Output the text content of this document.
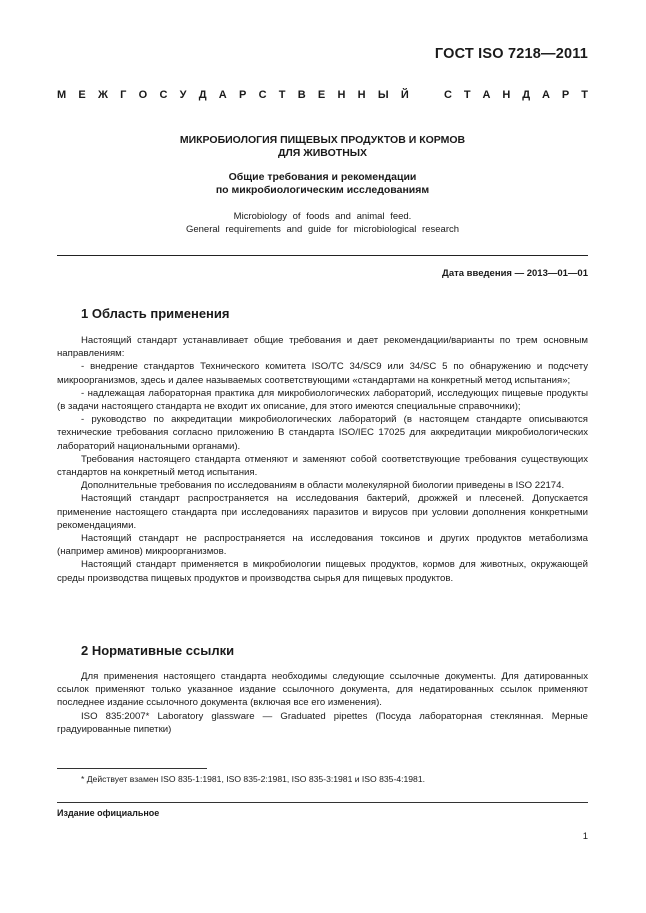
ГОСТ ISO 7218—2011
М Е Ж Г О С У Д А Р С Т В Е Н Н Ы Й	С Т А Н Д А Р Т
МИКРОБИОЛОГИЯ ПИЩЕВЫХ ПРОДУКТОВ И КОРМОВ
ДЛЯ ЖИВОТНЫХ
Общие требования и рекомендации
по микробиологическим исследованиям
Microbiology of foods and animal feed.
General requirements and guide for microbiological research
Дата введения — 2013—01—01
1 Область применения

Настоящий стандарт устанавливает общие требования и дает рекомендации/варианты по трем основным направлениям:

- внедрение стандартов Технического комитета ISO/TC 34/SC9 или 34/SC 5 по обнаружению и подсчету микроорганизмов, здесь и далее называемых соответствующими «стандартами на конкретный метод испытания»;

- надлежащая лабораторная практика для микробиологических лабораторий, исследующих пищевые продукты (в задачи настоящего стандарта не входит их описание, для этого имеются специальные справочники);

- руководство по аккредитации микробиологических лабораторий (в настоящем стандарте описываются технические требования согласно приложению В стандарта ISO/IEC 17025 для аккредитации микробиологических лабораторий национальными органами).

Требования настоящего стандарта отменяют и заменяют собой соответствующие требования существующих стандартов на конкретный метод испытания.

Дополнительные требования по исследованиям в области молекулярной биологии приведены в ISO 22174.

Настоящий стандарт распространяется на исследования бактерий, дрожжей и плесеней. Допускается применение настоящего стандарта при исследованиях паразитов и вирусов при условии дополнения конкретными рекомендациями.

Настоящий стандарт не распространяется на исследования токсинов и других продуктов метаболизма (например аминов) микроорганизмов.

Настоящий стандарт применяется в микробиологии пищевых продуктов, кормов для животных, окружающей среды производства пищевых продуктов и производства сырья для пищевых продуктов.

2 Нормативные ссылки

Для применения настоящего стандарта необходимы следующие ссылочные документы. Для датированных ссылок применяют только указанное издание ссылочного документа, для недатированных ссылок применяют последнее издание ссылочного документа (включая все его изменения).

ISO 835:2007* Laboratory glassware — Graduated pipettes (Посуда лабораторная стеклянная. Мерные градуированные пипетки)

* Действует взамен ISO 835-1:1981, ISO 835-2:1981, ISO 835-3:1981 и ISO 835-4:1981.
Издание официальное
1
